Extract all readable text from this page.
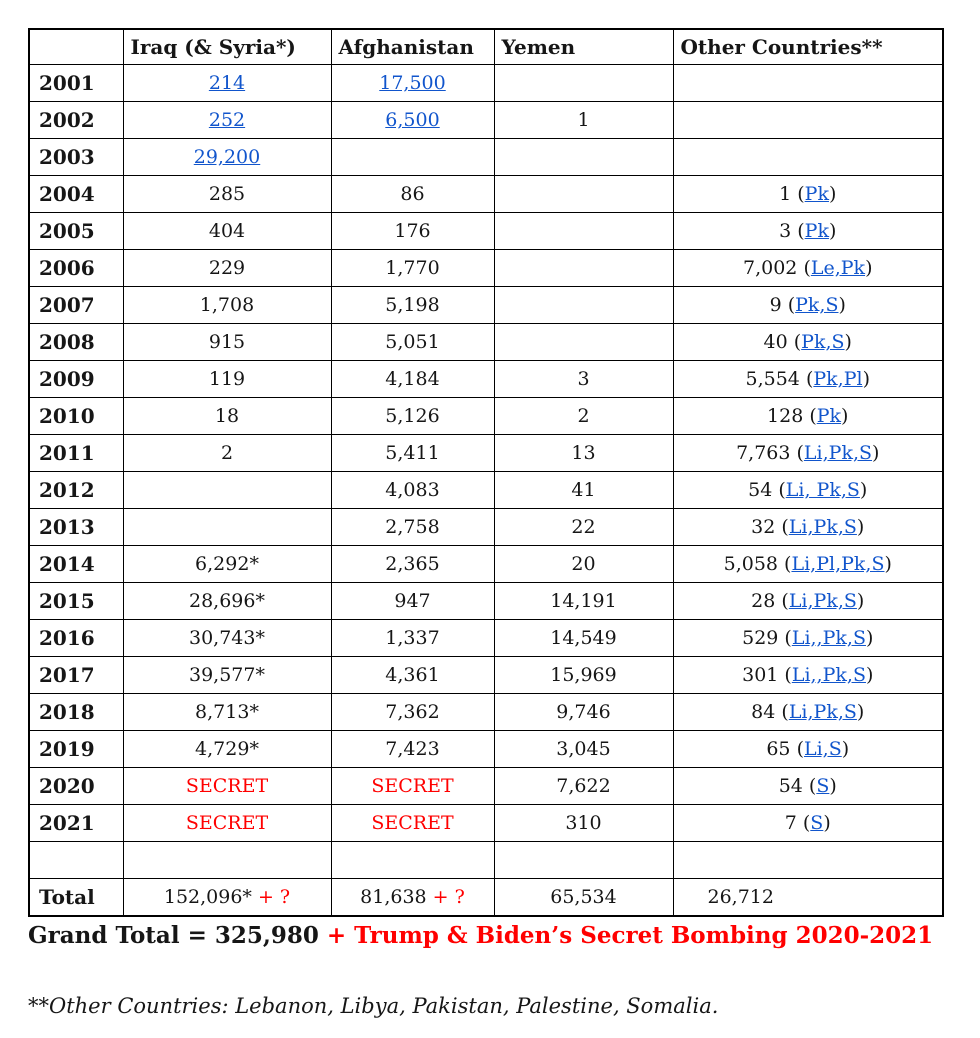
	Iraq (& Syria*)	Afghanistan	Yemen	Other Countries**
2001	214	17,500		
2002	252	6,500	1	
2003	29,200			
2004	285	86		1 (Pk)
2005	404	176		3 (Pk)
2006	229	1,770		7,002 (Le,Pk)
2007	1,708	5,198		9 (Pk,S)
2008	915	5,051		40 (Pk,S)
2009	119	4,184	3	5,554 (Pk,Pl)
2010	18	5,126	2	128 (Pk)
2011	2	5,411	13	7,763 (Li,Pk,S)
2012		4,083	41	54 (Li, Pk,S)
2013		2,758	22	32 (Li,Pk,S)
2014	6,292*	2,365	20	5,058 (Li,Pl,Pk,S)
2015	28,696*	947	14,191	28 (Li,Pk,S)
2016	30,743*	1,337	14,549	529 (Li,,Pk,S)
2017	39,577*	4,361	15,969	301 (Li,,Pk,S)
2018	8,713*	7,362	9,746	84 (Li,Pk,S)
2019	4,729*	7,423	3,045	65 (Li,S)
2020	SECRET	SECRET	7,622	54 (S)
2021	SECRET	SECRET	310	7 (S)

Total	152,096* + ?	81,638 + ?	65,534	26,712

Grand Total = 325,980 + Trump & Biden’s Secret Bombing 2020-2021

**Other Countries: Lebanon, Libya, Pakistan, Palestine, Somalia.
